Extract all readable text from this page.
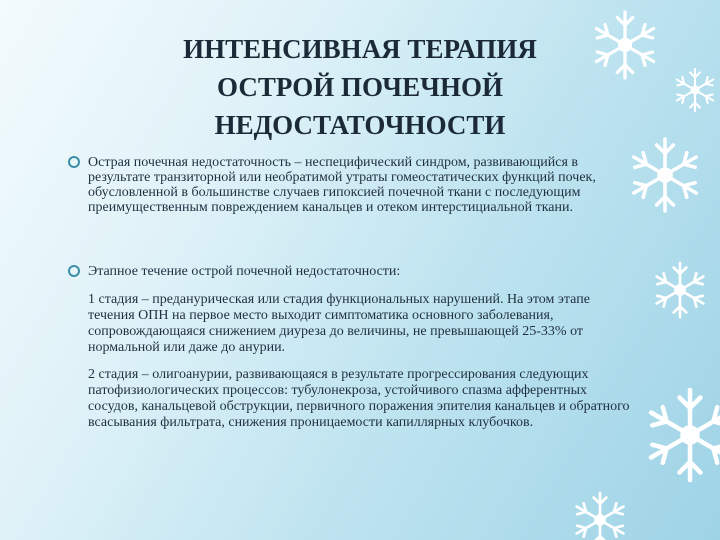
ИНТЕНСИВНАЯ ТЕРАПИЯ
ОСТРОЙ ПОЧЕЧНОЙ
НЕДОСТАТОЧНОСТИ
Острая почечная недостаточность – неспецифический синдром, развивающийся в результате транзиторной или необратимой утраты гомеостатических функций почек, обусловленной в большинстве случаев гипоксией почечной ткани с последующим преимущественным повреждением канальцев и отеком интерстициальной ткани.
Этапное течение острой почечной недостаточности:
1 стадия – преданурическая или стадия функциональных нарушений. На этом этапе течения ОПН на первое место выходит симптоматика основного заболевания, сопровождающаяся снижением диуреза до величины, не превышающей 25-33% от нормальной или даже до анурии.
2 стадия – олигоанурии, развивающаяся в результате прогрессирования следующих патофизиологических процессов: тубулонекроза, устойчивого спазма афферентных сосудов, канальцевой обструкции, первичного поражения эпителия канальцев и обратного всасывания фильтрата, снижения проницаемости капиллярных клубочков.
